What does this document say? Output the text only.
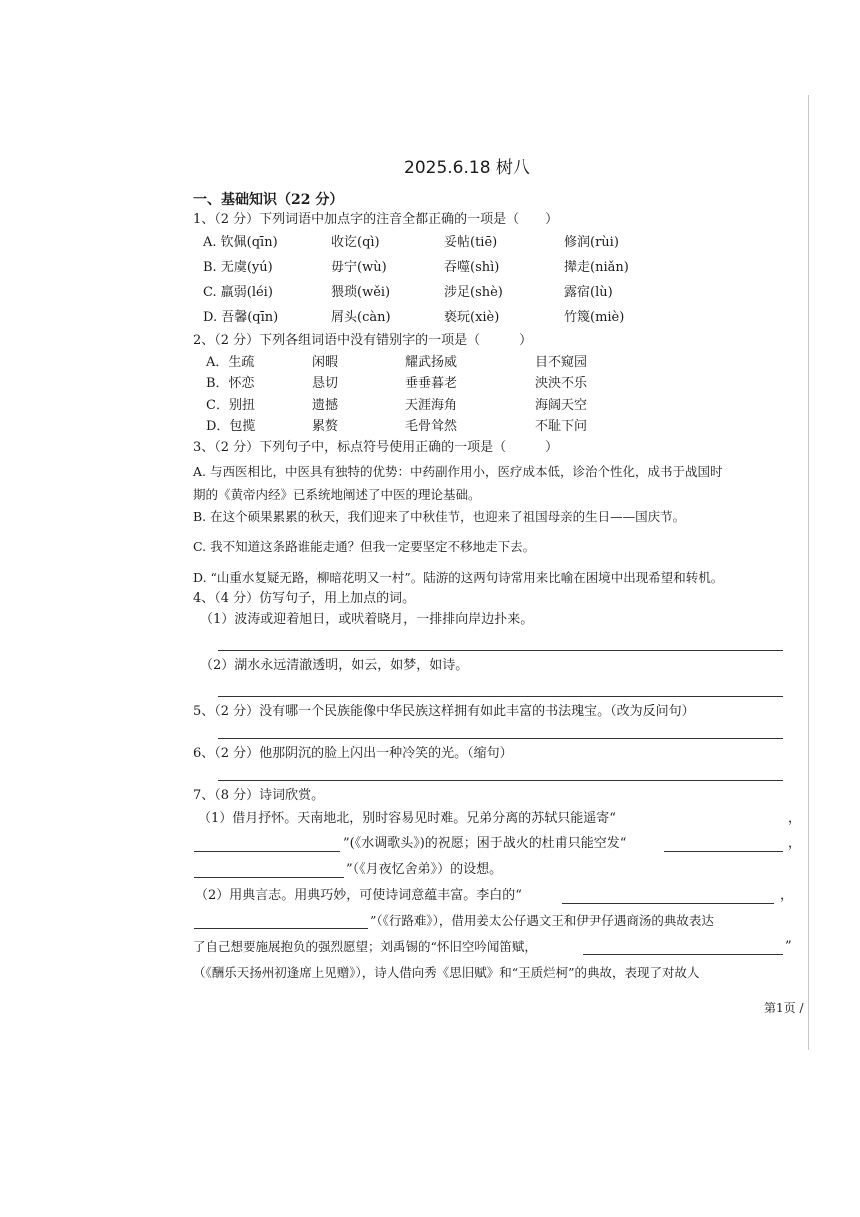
2025.6.18 树八
一、基础知识（22 分）
1、（2 分）下列词语中加点字的注音全都正确的一项是（　　）
A. 钦佩(qīn)	收讫(qì)	妥帖(tiē)	修润(rùi)
B. 无虞(yú)	毋宁(wù)	吞噬(shì)	撵走(niǎn)
C. 羸弱(léi)	猥琐(wěi)	涉足(shè)	露宿(lù)
D. 吾馨(qīn)	屑头(càn)	亵玩(xiè)	竹篾(miè)
2、（2 分）下列各组词语中没有错别字的一项是（　　　）
A．生疏	闲暇	耀武扬威	目不窥园
B．怀恋	恳切	垂垂暮老	泱泱不乐
C．别扭	遗撼	天涯海角	海阔天空
D．包揽	累赘	毛骨耸然	不耻下问
3、（2 分）下列句子中，标点符号使用正确的一项是（　　　）
A. 与西医相比，中医具有独特的优势：中药副作用小，医疗成本低，诊治个性化，成书于战国时
期的《黄帝内经》已系统地阐述了中医的理论基础。
B. 在这个硕果累累的秋天，我们迎来了中秋佳节，也迎来了祖国母亲的生日——国庆节。
C. 我不知道这条路谁能走通？但我一定要坚定不移地走下去。
D. “山重水复疑无路，柳暗花明又一村”。陆游的这两句诗常用来比喻在困境中出现希望和转机。
4、（4 分）仿写句子，用上加点的词。
（1）波涛或迎着旭日，或吠着晓月，一排排向岸边扑来。
（2）湖水永远清澈透明，如云，如梦，如诗。
5、（2 分）没有哪一个民族能像中华民族这样拥有如此丰富的书法瑰宝。（改为反问句）
6、（2 分）他那阴沉的脸上闪出一种冷笑的光。（缩句）
7、（8 分）诗词欣赏。
（1）借月抒怀。天南地北，别时容易见时难。兄弟分离的苏轼只能遥寄“	，
”(《水调歌头》)的祝愿；困于战火的杜甫只能空发“	，
”（《月夜忆舍弟》）的设想。
（2）用典言志。用典巧妙，可使诗词意蕴丰富。李白的“	，
”（《行路难》），借用姜太公仔遇文王和伊尹仔遇商汤的典故表达
了自己想要施展抱负的强烈愿望；刘禹锡的“怀旧空吟闻笛赋，	”
（《酬乐天扬州初逢席上见赠》），诗人借向秀《思旧赋》和“王质烂柯”的典故，表现了对故人
第1页 /
